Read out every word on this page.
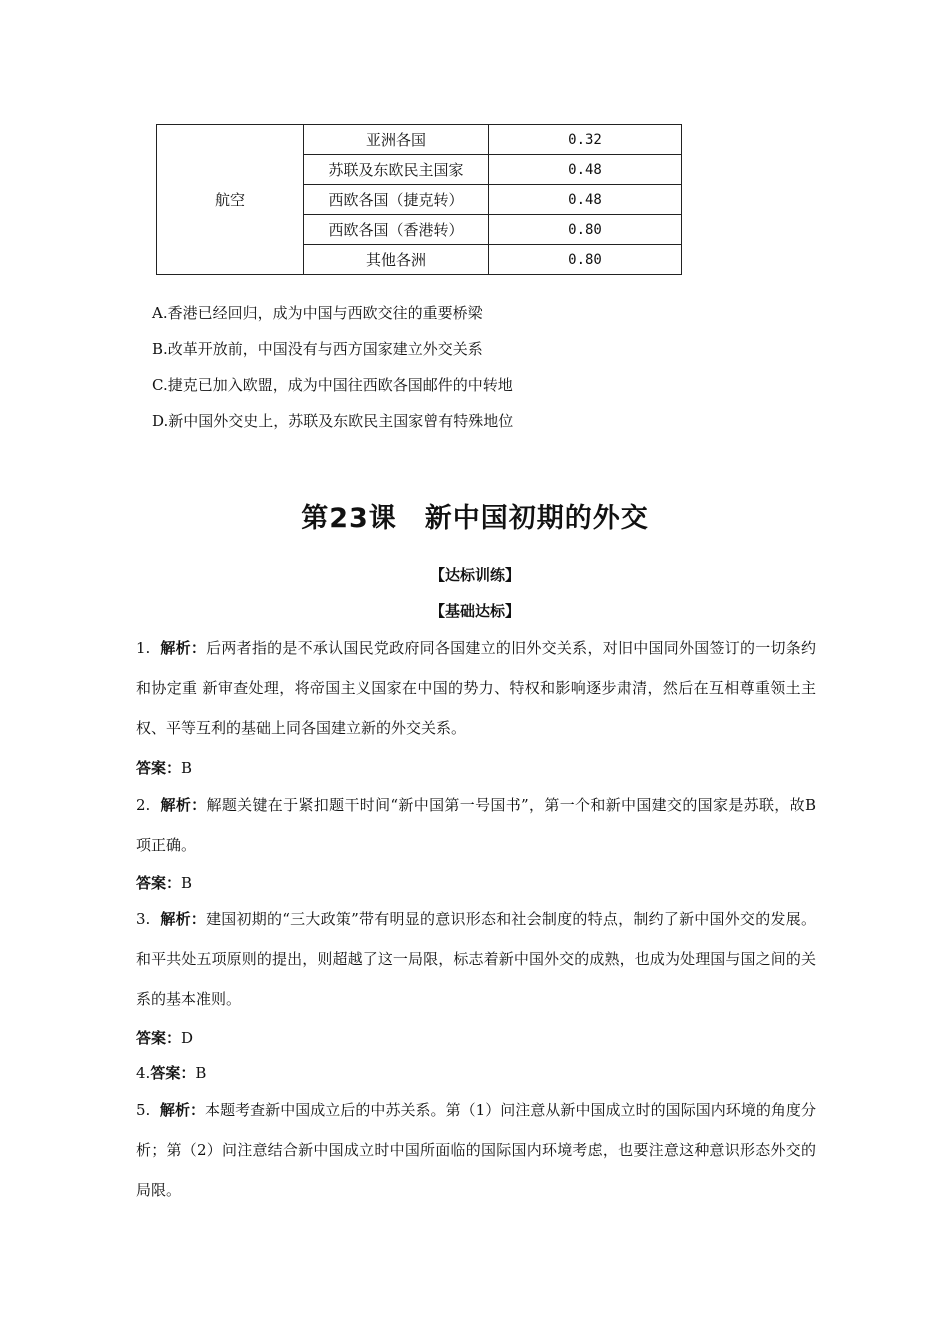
航空	亚洲各国	0.32
	苏联及东欧民主国家	0.48
	西欧各国（捷克转）	0.48
	西欧各国（香港转）	0.80
	其他各洲	0.80
A.香港已经回归，成为中国与西欧交往的重要桥梁
B.改革开放前，中国没有与西方国家建立外交关系
C.捷克已加入欧盟，成为中国往西欧各国邮件的中转地
D.新中国外交史上，苏联及东欧民主国家曾有特殊地位
第23课　新中国初期的外交
【达标训练】
【基础达标】
1. 解析：后两者指的是不承认国民党政府同各国建立的旧外交关系，对旧中国同外国签订的一切条约和协定重 新审查处理，将帝国主义国家在中国的势力、特权和影响逐步肃清，然后在互相尊重领土主权、平等互利的基础上同各国建立新的外交关系。
答案：B
2. 解析：解题关键在于紧扣题干时间“新中国第一号国书”，第一个和新中国建交的国家是苏联，故B项正确。
答案：B
3. 解析：建国初期的“三大政策”带有明显的意识形态和社会制度的特点，制约了新中国外交的发展。和平共处五项原则的提出，则超越了这一局限，标志着新中国外交的成熟，也成为处理国与国之间的关系的基本准则。
答案：D
4.答案：B
5. 解析：本题考查新中国成立后的中苏关系。第（1）问注意从新中国成立时的国际国内环境的角度分析；第（2）问注意结合新中国成立时中国所面临的国际国内环境考虑，也要注意这种意识形态外交的局限。
